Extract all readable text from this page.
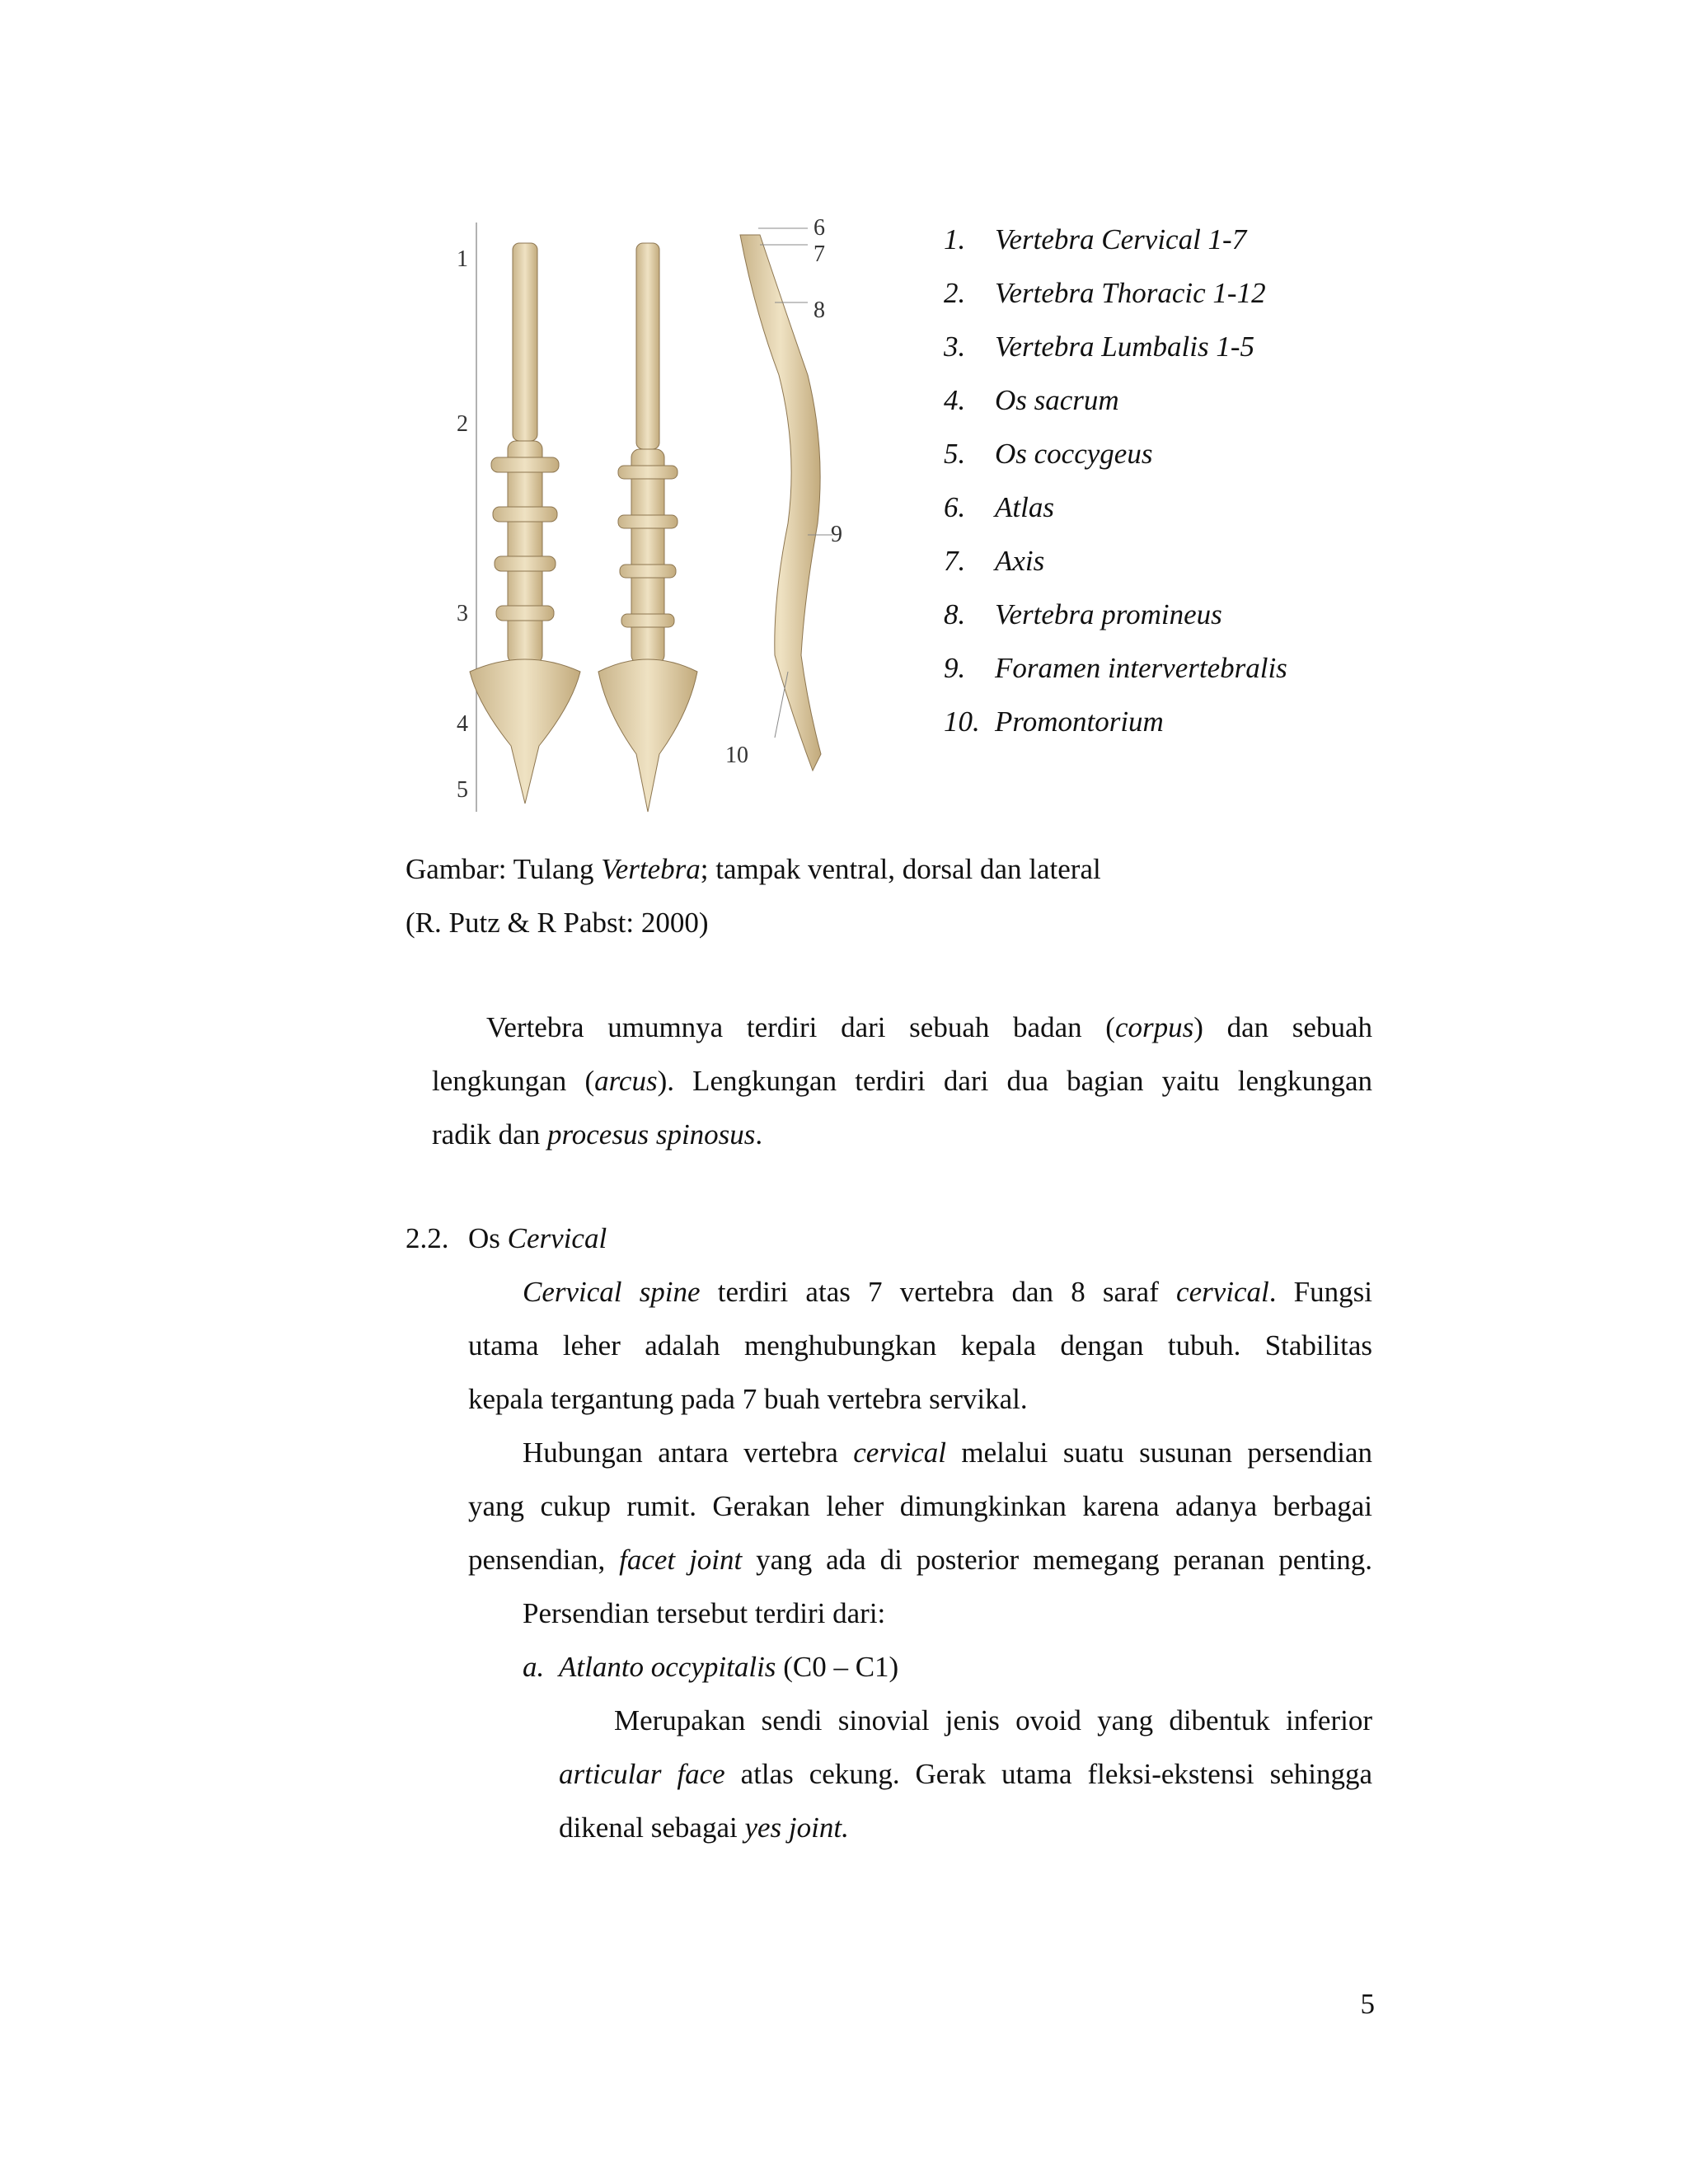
1
2
3
4
5
6
7
8
9
10
1. Vertebra Cervical 1-7
2. Vertebra Thoracic 1-12
3. Vertebra Lumbalis 1-5
4. Os sacrum
5. Os coccygeus
6. Atlas
7. Axis
8. Vertebra promineus
9. Foramen intervertebralis
10. Promontorium
Gambar: Tulang Vertebra; tampak ventral, dorsal dan lateral
(R. Putz & R Pabst: 2000)
Vertebra umumnya terdiri dari sebuah badan (corpus) dan sebuah
lengkungan (arcus). Lengkungan terdiri dari dua bagian yaitu lengkungan
radik dan procesus spinosus.
2.2. Os Cervical
Cervical spine terdiri atas 7 vertebra dan 8 saraf cervical. Fungsi
utama leher adalah menghubungkan kepala dengan tubuh. Stabilitas
kepala tergantung pada 7 buah vertebra servikal.
Hubungan antara vertebra cervical melalui suatu susunan persendian
yang cukup rumit. Gerakan leher dimungkinkan karena adanya berbagai
pensendian, facet joint yang ada di posterior memegang peranan penting.
Persendian tersebut terdiri dari:
a. Atlanto occypitalis (C0 – C1)
Merupakan sendi sinovial jenis ovoid yang dibentuk inferior
articular face atlas cekung. Gerak utama fleksi-ekstensi sehingga
dikenal sebagai yes joint.
5
